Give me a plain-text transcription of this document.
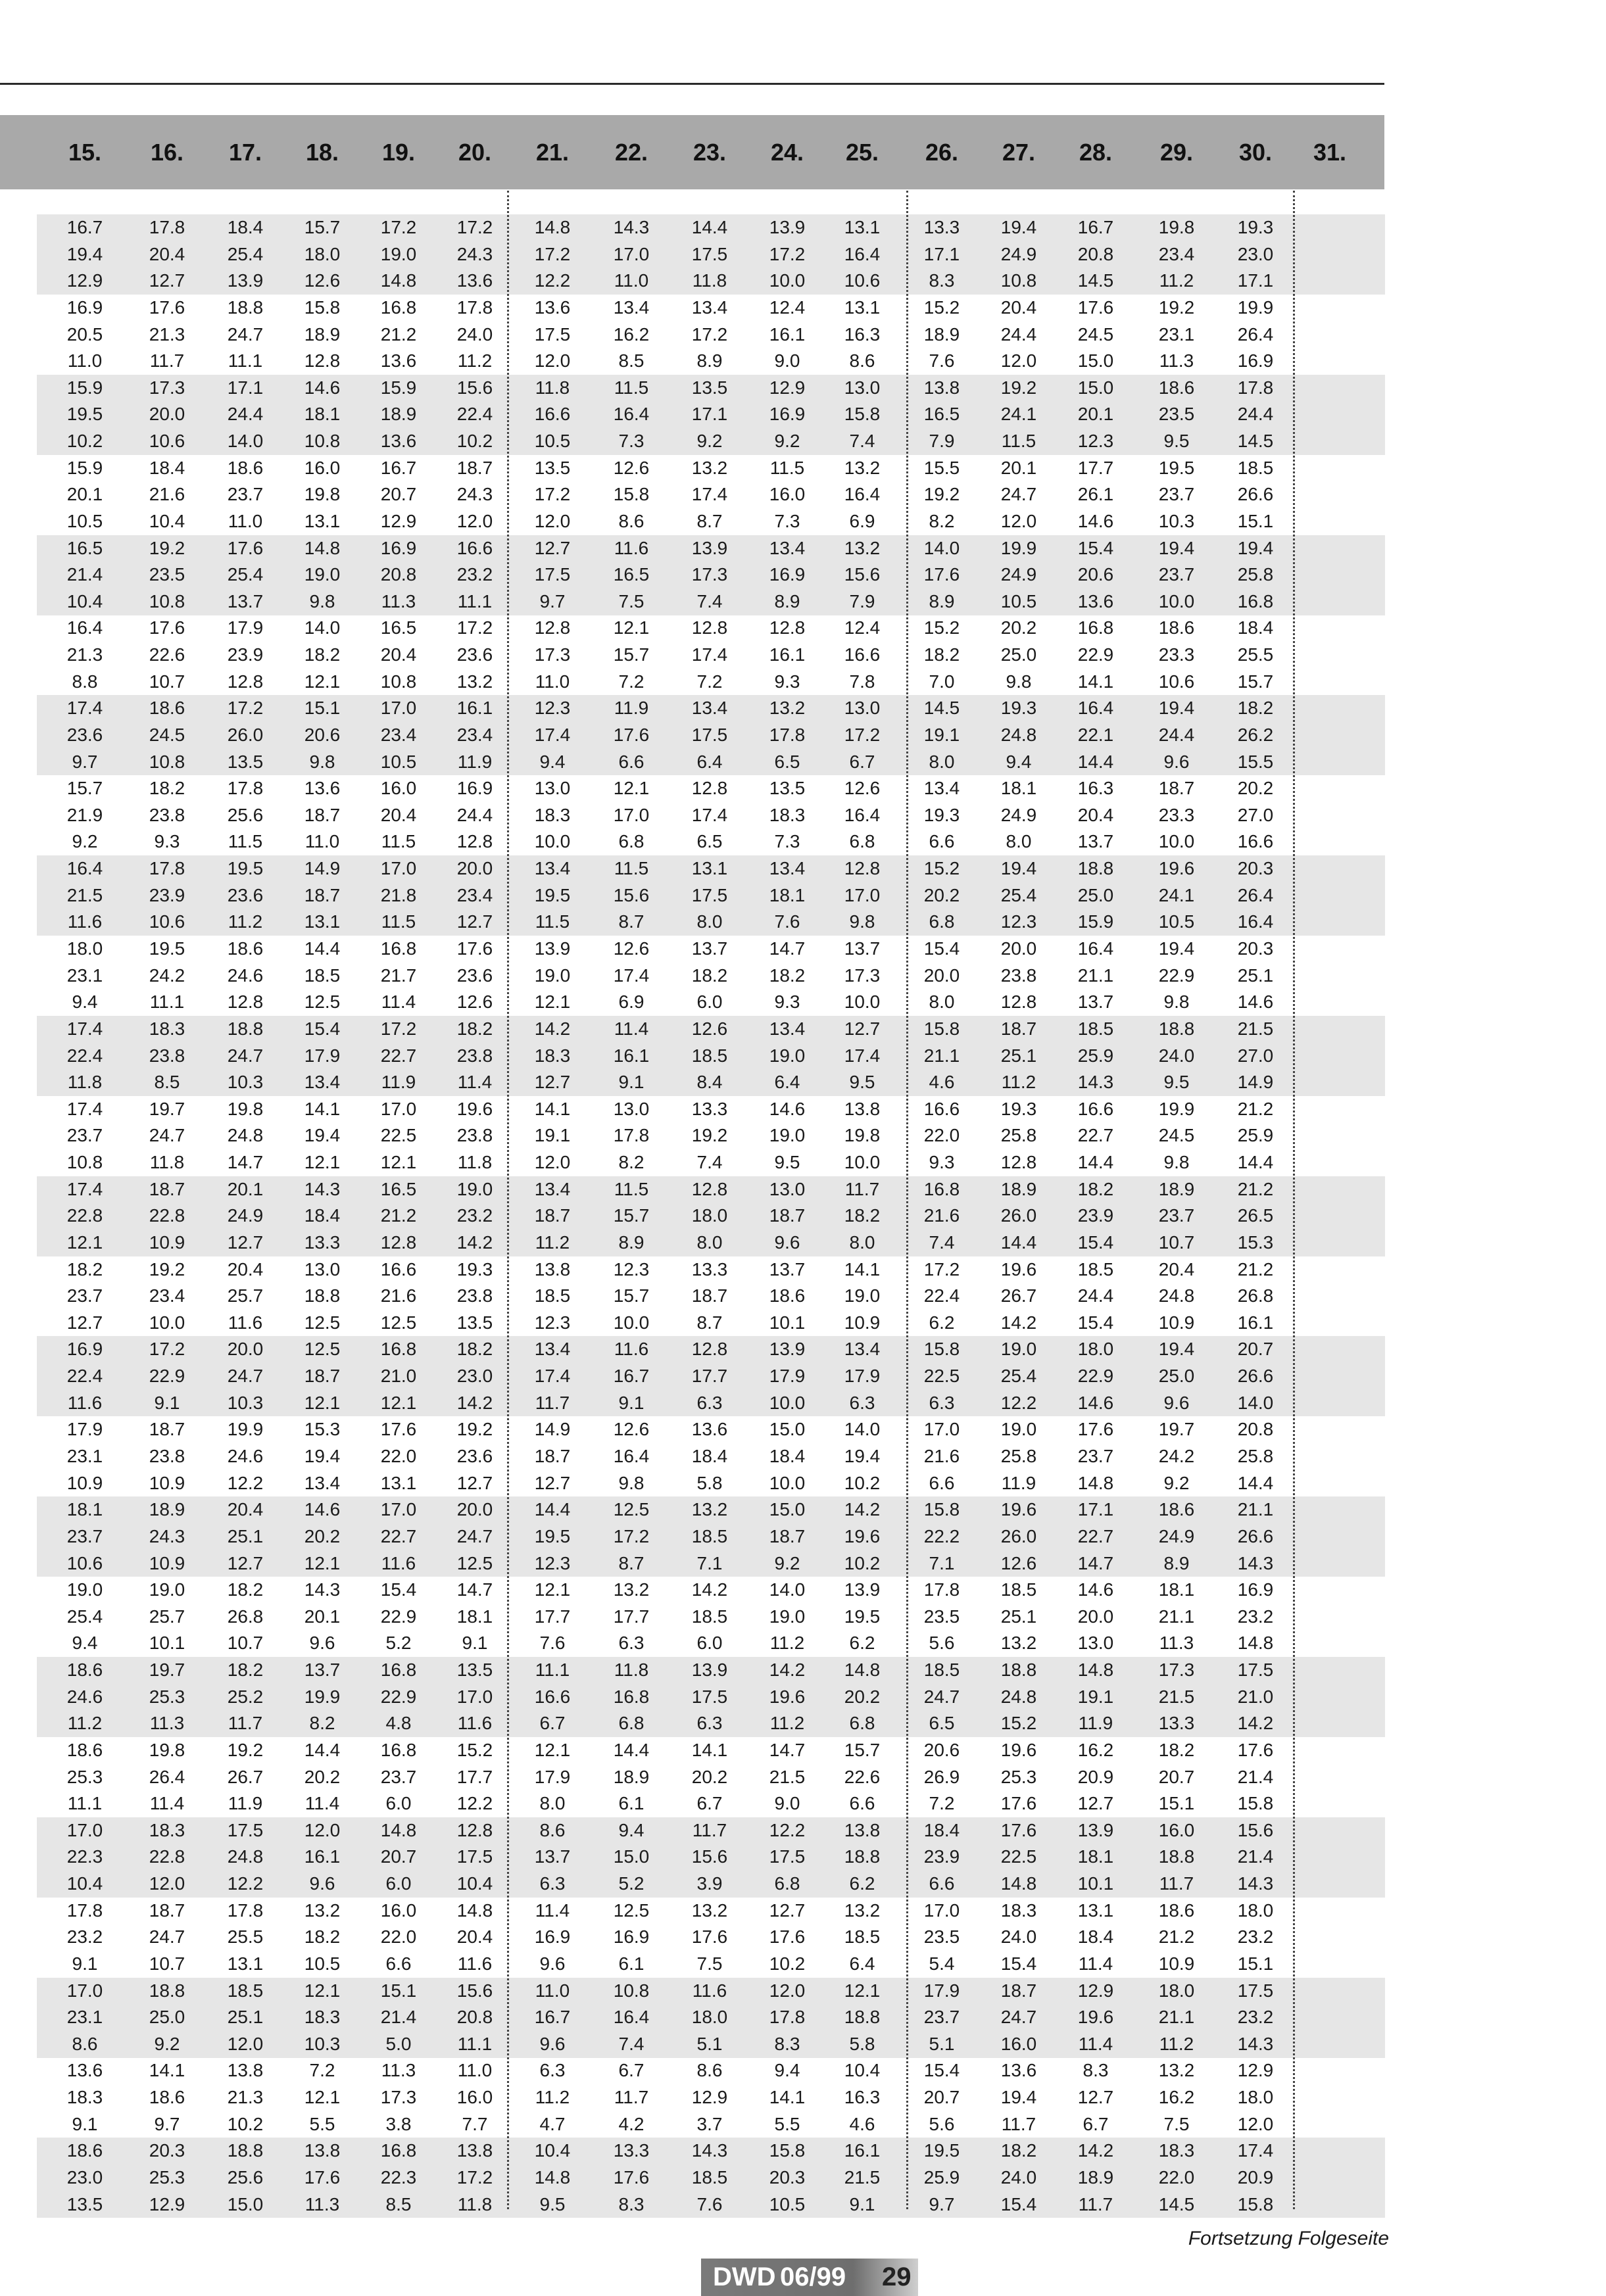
15.	16.	17.	18.	19.	20.	21.	22.	23.	24.	25.	26.	27.	28.	29.	30.	31.
16.7	17.8	18.4	15.7	17.2	17.2	14.8	14.3	14.4	13.9	13.1	13.3	19.4	16.7	19.8	19.3
19.4	20.4	25.4	18.0	19.0	24.3	17.2	17.0	17.5	17.2	16.4	17.1	24.9	20.8	23.4	23.0
12.9	12.7	13.9	12.6	14.8	13.6	12.2	11.0	11.8	10.0	10.6	8.3	10.8	14.5	11.2	17.1
16.9	17.6	18.8	15.8	16.8	17.8	13.6	13.4	13.4	12.4	13.1	15.2	20.4	17.6	19.2	19.9
20.5	21.3	24.7	18.9	21.2	24.0	17.5	16.2	17.2	16.1	16.3	18.9	24.4	24.5	23.1	26.4
11.0	11.7	11.1	12.8	13.6	11.2	12.0	8.5	8.9	9.0	8.6	7.6	12.0	15.0	11.3	16.9
15.9	17.3	17.1	14.6	15.9	15.6	11.8	11.5	13.5	12.9	13.0	13.8	19.2	15.0	18.6	17.8
19.5	20.0	24.4	18.1	18.9	22.4	16.6	16.4	17.1	16.9	15.8	16.5	24.1	20.1	23.5	24.4
10.2	10.6	14.0	10.8	13.6	10.2	10.5	7.3	9.2	9.2	7.4	7.9	11.5	12.3	9.5	14.5
15.9	18.4	18.6	16.0	16.7	18.7	13.5	12.6	13.2	11.5	13.2	15.5	20.1	17.7	19.5	18.5
20.1	21.6	23.7	19.8	20.7	24.3	17.2	15.8	17.4	16.0	16.4	19.2	24.7	26.1	23.7	26.6
10.5	10.4	11.0	13.1	12.9	12.0	12.0	8.6	8.7	7.3	6.9	8.2	12.0	14.6	10.3	15.1
16.5	19.2	17.6	14.8	16.9	16.6	12.7	11.6	13.9	13.4	13.2	14.0	19.9	15.4	19.4	19.4
21.4	23.5	25.4	19.0	20.8	23.2	17.5	16.5	17.3	16.9	15.6	17.6	24.9	20.6	23.7	25.8
10.4	10.8	13.7	9.8	11.3	11.1	9.7	7.5	7.4	8.9	7.9	8.9	10.5	13.6	10.0	16.8
16.4	17.6	17.9	14.0	16.5	17.2	12.8	12.1	12.8	12.8	12.4	15.2	20.2	16.8	18.6	18.4
21.3	22.6	23.9	18.2	20.4	23.6	17.3	15.7	17.4	16.1	16.6	18.2	25.0	22.9	23.3	25.5
8.8	10.7	12.8	12.1	10.8	13.2	11.0	7.2	7.2	9.3	7.8	7.0	9.8	14.1	10.6	15.7
17.4	18.6	17.2	15.1	17.0	16.1	12.3	11.9	13.4	13.2	13.0	14.5	19.3	16.4	19.4	18.2
23.6	24.5	26.0	20.6	23.4	23.4	17.4	17.6	17.5	17.8	17.2	19.1	24.8	22.1	24.4	26.2
9.7	10.8	13.5	9.8	10.5	11.9	9.4	6.6	6.4	6.5	6.7	8.0	9.4	14.4	9.6	15.5
15.7	18.2	17.8	13.6	16.0	16.9	13.0	12.1	12.8	13.5	12.6	13.4	18.1	16.3	18.7	20.2
21.9	23.8	25.6	18.7	20.4	24.4	18.3	17.0	17.4	18.3	16.4	19.3	24.9	20.4	23.3	27.0
9.2	9.3	11.5	11.0	11.5	12.8	10.0	6.8	6.5	7.3	6.8	6.6	8.0	13.7	10.0	16.6
16.4	17.8	19.5	14.9	17.0	20.0	13.4	11.5	13.1	13.4	12.8	15.2	19.4	18.8	19.6	20.3
21.5	23.9	23.6	18.7	21.8	23.4	19.5	15.6	17.5	18.1	17.0	20.2	25.4	25.0	24.1	26.4
11.6	10.6	11.2	13.1	11.5	12.7	11.5	8.7	8.0	7.6	9.8	6.8	12.3	15.9	10.5	16.4
18.0	19.5	18.6	14.4	16.8	17.6	13.9	12.6	13.7	14.7	13.7	15.4	20.0	16.4	19.4	20.3
23.1	24.2	24.6	18.5	21.7	23.6	19.0	17.4	18.2	18.2	17.3	20.0	23.8	21.1	22.9	25.1
9.4	11.1	12.8	12.5	11.4	12.6	12.1	6.9	6.0	9.3	10.0	8.0	12.8	13.7	9.8	14.6
17.4	18.3	18.8	15.4	17.2	18.2	14.2	11.4	12.6	13.4	12.7	15.8	18.7	18.5	18.8	21.5
22.4	23.8	24.7	17.9	22.7	23.8	18.3	16.1	18.5	19.0	17.4	21.1	25.1	25.9	24.0	27.0
11.8	8.5	10.3	13.4	11.9	11.4	12.7	9.1	8.4	6.4	9.5	4.6	11.2	14.3	9.5	14.9
17.4	19.7	19.8	14.1	17.0	19.6	14.1	13.0	13.3	14.6	13.8	16.6	19.3	16.6	19.9	21.2
23.7	24.7	24.8	19.4	22.5	23.8	19.1	17.8	19.2	19.0	19.8	22.0	25.8	22.7	24.5	25.9
10.8	11.8	14.7	12.1	12.1	11.8	12.0	8.2	7.4	9.5	10.0	9.3	12.8	14.4	9.8	14.4
17.4	18.7	20.1	14.3	16.5	19.0	13.4	11.5	12.8	13.0	11.7	16.8	18.9	18.2	18.9	21.2
22.8	22.8	24.9	18.4	21.2	23.2	18.7	15.7	18.0	18.7	18.2	21.6	26.0	23.9	23.7	26.5
12.1	10.9	12.7	13.3	12.8	14.2	11.2	8.9	8.0	9.6	8.0	7.4	14.4	15.4	10.7	15.3
18.2	19.2	20.4	13.0	16.6	19.3	13.8	12.3	13.3	13.7	14.1	17.2	19.6	18.5	20.4	21.2
23.7	23.4	25.7	18.8	21.6	23.8	18.5	15.7	18.7	18.6	19.0	22.4	26.7	24.4	24.8	26.8
12.7	10.0	11.6	12.5	12.5	13.5	12.3	10.0	8.7	10.1	10.9	6.2	14.2	15.4	10.9	16.1
16.9	17.2	20.0	12.5	16.8	18.2	13.4	11.6	12.8	13.9	13.4	15.8	19.0	18.0	19.4	20.7
22.4	22.9	24.7	18.7	21.0	23.0	17.4	16.7	17.7	17.9	17.9	22.5	25.4	22.9	25.0	26.6
11.6	9.1	10.3	12.1	12.1	14.2	11.7	9.1	6.3	10.0	6.3	6.3	12.2	14.6	9.6	14.0
17.9	18.7	19.9	15.3	17.6	19.2	14.9	12.6	13.6	15.0	14.0	17.0	19.0	17.6	19.7	20.8
23.1	23.8	24.6	19.4	22.0	23.6	18.7	16.4	18.4	18.4	19.4	21.6	25.8	23.7	24.2	25.8
10.9	10.9	12.2	13.4	13.1	12.7	12.7	9.8	5.8	10.0	10.2	6.6	11.9	14.8	9.2	14.4
18.1	18.9	20.4	14.6	17.0	20.0	14.4	12.5	13.2	15.0	14.2	15.8	19.6	17.1	18.6	21.1
23.7	24.3	25.1	20.2	22.7	24.7	19.5	17.2	18.5	18.7	19.6	22.2	26.0	22.7	24.9	26.6
10.6	10.9	12.7	12.1	11.6	12.5	12.3	8.7	7.1	9.2	10.2	7.1	12.6	14.7	8.9	14.3
19.0	19.0	18.2	14.3	15.4	14.7	12.1	13.2	14.2	14.0	13.9	17.8	18.5	14.6	18.1	16.9
25.4	25.7	26.8	20.1	22.9	18.1	17.7	17.7	18.5	19.0	19.5	23.5	25.1	20.0	21.1	23.2
9.4	10.1	10.7	9.6	5.2	9.1	7.6	6.3	6.0	11.2	6.2	5.6	13.2	13.0	11.3	14.8
18.6	19.7	18.2	13.7	16.8	13.5	11.1	11.8	13.9	14.2	14.8	18.5	18.8	14.8	17.3	17.5
24.6	25.3	25.2	19.9	22.9	17.0	16.6	16.8	17.5	19.6	20.2	24.7	24.8	19.1	21.5	21.0
11.2	11.3	11.7	8.2	4.8	11.6	6.7	6.8	6.3	11.2	6.8	6.5	15.2	11.9	13.3	14.2
18.6	19.8	19.2	14.4	16.8	15.2	12.1	14.4	14.1	14.7	15.7	20.6	19.6	16.2	18.2	17.6
25.3	26.4	26.7	20.2	23.7	17.7	17.9	18.9	20.2	21.5	22.6	26.9	25.3	20.9	20.7	21.4
11.1	11.4	11.9	11.4	6.0	12.2	8.0	6.1	6.7	9.0	6.6	7.2	17.6	12.7	15.1	15.8
17.0	18.3	17.5	12.0	14.8	12.8	8.6	9.4	11.7	12.2	13.8	18.4	17.6	13.9	16.0	15.6
22.3	22.8	24.8	16.1	20.7	17.5	13.7	15.0	15.6	17.5	18.8	23.9	22.5	18.1	18.8	21.4
10.4	12.0	12.2	9.6	6.0	10.4	6.3	5.2	3.9	6.8	6.2	6.6	14.8	10.1	11.7	14.3
17.8	18.7	17.8	13.2	16.0	14.8	11.4	12.5	13.2	12.7	13.2	17.0	18.3	13.1	18.6	18.0
23.2	24.7	25.5	18.2	22.0	20.4	16.9	16.9	17.6	17.6	18.5	23.5	24.0	18.4	21.2	23.2
9.1	10.7	13.1	10.5	6.6	11.6	9.6	6.1	7.5	10.2	6.4	5.4	15.4	11.4	10.9	15.1
17.0	18.8	18.5	12.1	15.1	15.6	11.0	10.8	11.6	12.0	12.1	17.9	18.7	12.9	18.0	17.5
23.1	25.0	25.1	18.3	21.4	20.8	16.7	16.4	18.0	17.8	18.8	23.7	24.7	19.6	21.1	23.2
8.6	9.2	12.0	10.3	5.0	11.1	9.6	7.4	5.1	8.3	5.8	5.1	16.0	11.4	11.2	14.3
13.6	14.1	13.8	7.2	11.3	11.0	6.3	6.7	8.6	9.4	10.4	15.4	13.6	8.3	13.2	12.9
18.3	18.6	21.3	12.1	17.3	16.0	11.2	11.7	12.9	14.1	16.3	20.7	19.4	12.7	16.2	18.0
9.1	9.7	10.2	5.5	3.8	7.7	4.7	4.2	3.7	5.5	4.6	5.6	11.7	6.7	7.5	12.0
18.6	20.3	18.8	13.8	16.8	13.8	10.4	13.3	14.3	15.8	16.1	19.5	18.2	14.2	18.3	17.4
23.0	25.3	25.6	17.6	22.3	17.2	14.8	17.6	18.5	20.3	21.5	25.9	24.0	18.9	22.0	20.9
13.5	12.9	15.0	11.3	8.5	11.8	9.5	8.3	7.6	10.5	9.1	9.7	15.4	11.7	14.5	15.8
Fortsetzung Folgeseite
DWD 06/99 29
